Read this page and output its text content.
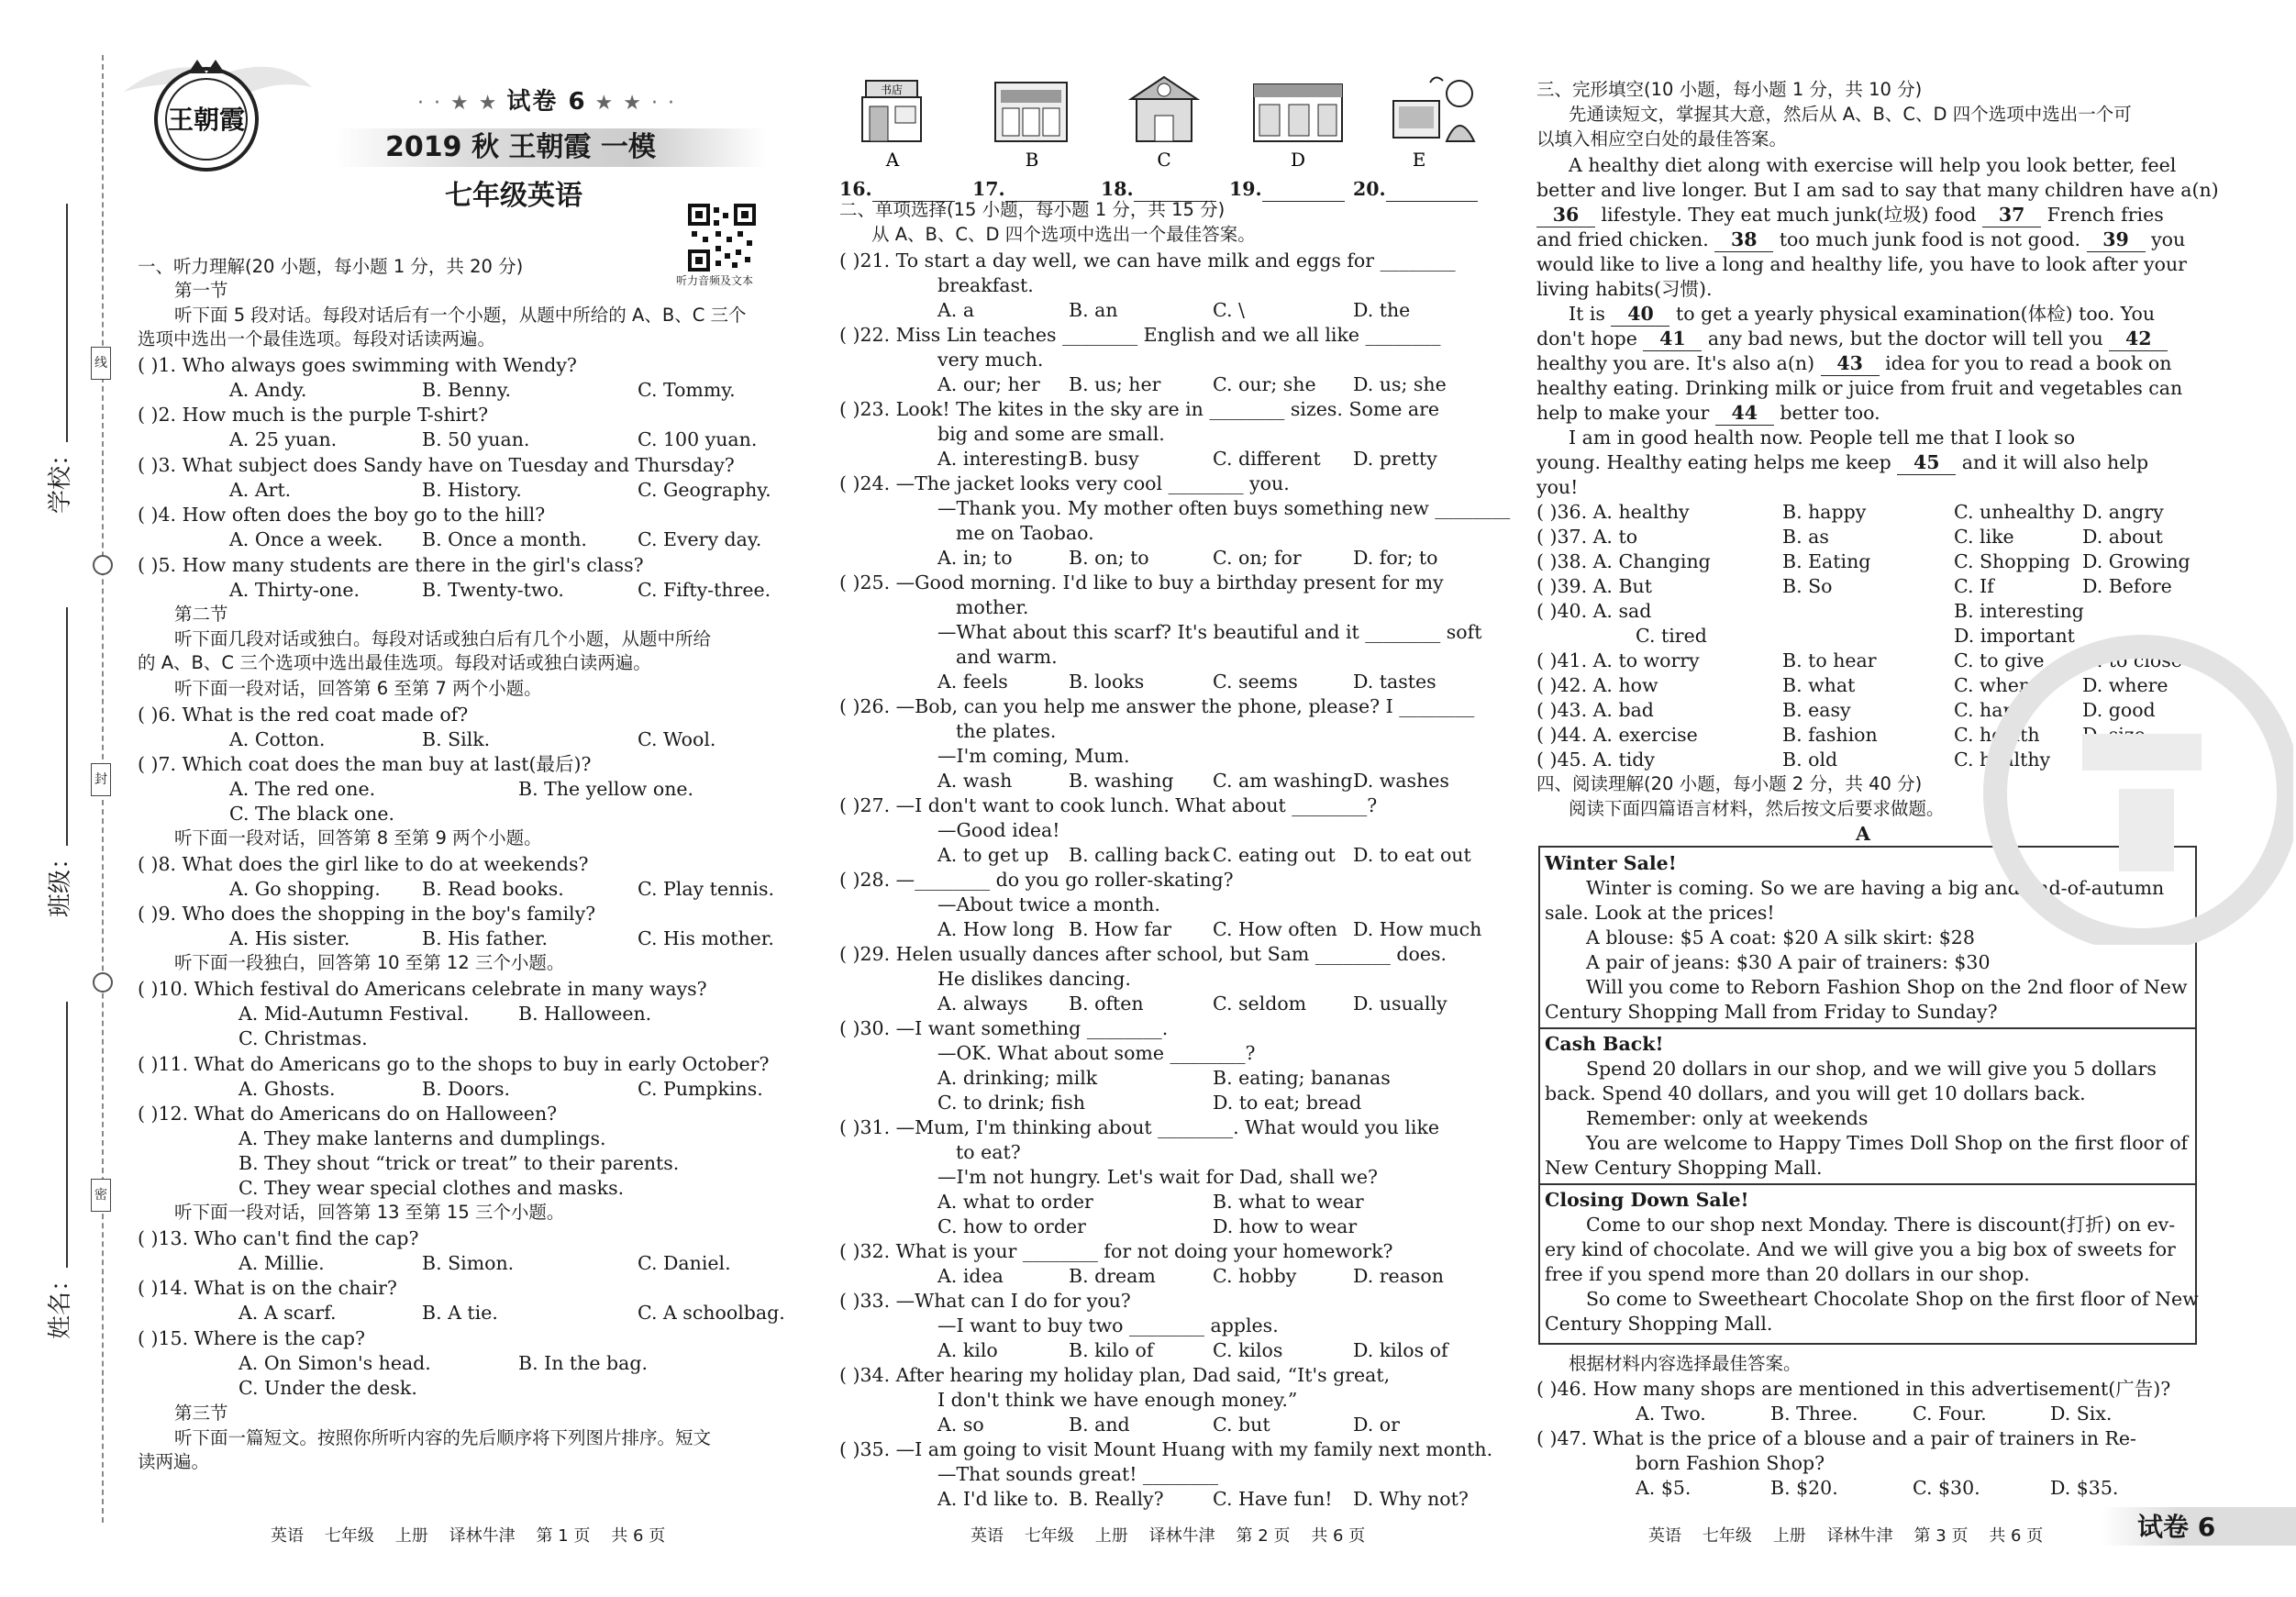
线
封
密
学校：
班级：
姓名：
王朝霞
· · ★ ★ 试卷 6 ★ ★ · ·
2019 秋 王朝霞 一模
七年级英语
听力音频及文本
一、听力理解(20 小题，每小题 1 分，共 20 分)
第一节
听下面 5 段对话。每段对话后有一个小题，从题中所给的 A、B、C 三个
选项中选出一个最佳选项。每段对话读两遍。
( )1. Who always goes swimming with Wendy?
A. Andy.	B. Benny.	C. Tommy.
( )2. How much is the purple T-shirt?
A. 25 yuan.	B. 50 yuan.	C. 100 yuan.
( )3. What subject does Sandy have on Tuesday and Thursday?
A. Art.	B. History.	C. Geography.
( )4. How often does the boy go to the hill?
A. Once a week. B. Once a month.	C. Every day.
( )5. How many students are there in the girl's class?
A. Thirty-one.	B. Twenty-two.	C. Fifty-three.
第二节
听下面几段对话或独白。每段对话或独白后有几个小题，从题中所给
的 A、B、C 三个选项中选出最佳选项。每段对话或独白读两遍。
听下面一段对话，回答第 6 至第 7 两个小题。
( )6. What is the red coat made of?
A. Cotton.	B. Silk.	C. Wool.
( )7. Which coat does the man buy at last(最后)?
A. The red one.	B. The yellow one.
C. The black one.
听下面一段对话，回答第 8 至第 9 两个小题。
( )8. What does the girl like to do at weekends?
A. Go shopping. B. Read books.	C. Play tennis.
( )9. Who does the shopping in the boy's family?
A. His sister.	B. His father.	C. His mother.
听下面一段独白，回答第 10 至第 12 三个小题。
( )10. Which festival do Americans celebrate in many ways?
A. Mid-Autumn Festival.	B. Halloween.
C. Christmas.
( )11. What do Americans go to the shops to buy in early October?
A. Ghosts.	B. Doors.	C. Pumpkins.
( )12. What do Americans do on Halloween?
A. They make lanterns and dumplings.
B. They shout “trick or treat” to their parents.
C. They wear special clothes and masks.
听下面一段对话，回答第 13 至第 15 三个小题。
( )13. Who can't find the cap?
A. Millie.	B. Simon.	C. Daniel.
( )14. What is on the chair?
A. A scarf.	B. A tie.	C. A schoolbag.
( )15. Where is the cap?
A. On Simon's head.	B. In the bag.
C. Under the desk.
第三节
听下面一篇短文。按照你所听内容的先后顺序将下列图片排序。短文
读两遍。
书店
A	B	C	D	E
16.	17.	18.	19.	20.
二、单项选择(15 小题，每小题 1 分，共 15 分)
从 A、B、C、D 四个选项中选出一个最佳答案。
( )21. To start a day well, we can have milk and eggs for ________
breakfast.
A. a	B. an	C. \	D. the
( )22. Miss Lin teaches ________ English and we all like ________
very much.
A. our; her B. us; her	C. our; she D. us; she
( )23. Look! The kites in the sky are in ________ sizes. Some are
big and some are small.
A. interesting B. busy	C. different D. pretty
( )24. —The jacket looks very cool ________ you.
—Thank you. My mother often buys something new ________
me on Taobao.
A. in; to	B. on; to	C. on; for	D. for; to
( )25. —Good morning. I'd like to buy a birthday present for my
mother.
—What about this scarf? It's beautiful and it ________ soft
and warm.
A. feels	B. looks	C. seems	D. tastes
( )26. —Bob, can you help me answer the phone, please? I ________
the plates.
—I'm coming, Mum.
A. wash	B. washing C. am washing D. washes
( )27. —I don't want to cook lunch. What about ________?
—Good idea!
A. to get up B. calling back C. eating out D. to eat out
( )28. —________ do you go roller-skating?
—About twice a month.
A. How long B. How far C. How often D. How much
( )29. Helen usually dances after school, but Sam ________ does.
He dislikes dancing.
A. always B. often	C. seldom D. usually
( )30. —I want something ________.
—OK. What about some ________?
A. drinking; milk	B. eating; bananas
C. to drink; fish	D. to eat; bread
( )31. —Mum, I'm thinking about ________. What would you like
to eat?
—I'm not hungry. Let's wait for Dad, shall we?
A. what to order	B. what to wear
C. how to order	D. how to wear
( )32. What is your ________ for not doing your homework?
A. idea	B. dream	C. hobby	D. reason
( )33. —What can I do for you?
—I want to buy two ________ apples.
A. kilo	B. kilo of	C. kilos	D. kilos of
( )34. After hearing my holiday plan, Dad said, “It's great,
I don't think we have enough money.”
A. so	B. and	C. but	D. or
( )35. —I am going to visit Mount Huang with my family next month.
—That sounds great! ________
A. I'd like to. B. Really?	C. Have fun! D. Why not?
三、完形填空(10 小题，每小题 1 分，共 10 分)
先通读短文，掌握其大意，然后从 A、B、C、D 四个选项中选出一个可
以填入相应空白处的最佳答案。
A healthy diet along with exercise will help you look better, feel
better and live longer. But I am sad to say that many children have a(n)
36 lifestyle. They eat much junk(垃圾) food 37 French fries
and fried chicken. 38 too much junk food is not good. 39 you
would like to live a long and healthy life, you have to look after your
living habits(习惯).
It is 40 to get a yearly physical examination(体检) too. You
don't hope 41 any bad news, but the doctor will tell you 42
healthy you are. It's also a(n) 43 idea for you to read a book on
healthy eating. Drinking milk or juice from fruit and vegetables can
help to make your 44 better too.
I am in good health now. People tell me that I look so
young. Healthy eating helps me keep 45 and it will also help
you!
( )36. A. healthy	B. happy	C. unhealthy D. angry
( )37. A. to	B. as	C. like	D. about
( )38. A. Changing	B. Eating	C. Shopping D. Growing
( )39. A. But	B. So	C. If	D. Before
( )40. A. sad	B. interesting
C. tired	D. important
( )41. A. to worry	B. to hear	C. to give D. to close
( )42. A. how	B. what	C. when	D. where
( )43. A. bad	B. easy	C. hard	D. good
( )44. A. exercise	B. fashion	C. health
( )45. A. tidy	B. old	C. healthy
四、阅读理解(20 小题，每小题 2 分，共 40 分)
阅读下面四篇语言材料，然后按文后要求做题。
A
Winter Sale!
Winter is coming. So we are having a big and end-of-autumn
sale. Look at the prices!
A blouse: $5 A coat: $20 A silk skirt: $28
A pair of jeans: $30 A pair of trainers: $30
Will you come to Reborn Fashion Shop on the 2nd floor of New
Century Shopping Mall from Friday to Sunday?
Cash Back!
Spend 20 dollars in our shop, and we will give you 5 dollars
back. Spend 40 dollars, and you will get 10 dollars back.
Remember: only at weekends
You are welcome to Happy Times Doll Shop on the first floor of
New Century Shopping Mall.
Closing Down Sale!
Come to our shop next Monday. There is discount(打折) on ev-
ery kind of chocolate. And we will give you a big box of sweets for
free if you spend more than 20 dollars in our shop.
So come to Sweetheart Chocolate Shop on the first floor of New
Century Shopping Mall.
根据材料内容选择最佳答案。
( )46. How many shops are mentioned in this advertisement(广告)?
A. Two.	B. Three.	C. Four.	D. Six.
( )47. What is the price of a blouse and a pair of trainers in Re-
born Fashion Shop?
A. $5.	B. $20.	C. $30.	D. $35.
英语    七年级    上册    译林牛津    第 1 页    共 6 页	英语    七年级    上册    译林牛津    第 2 页    共 6 页	英语    七年级    上册    译林牛津    第 3 页    共 6 页	试卷 6
